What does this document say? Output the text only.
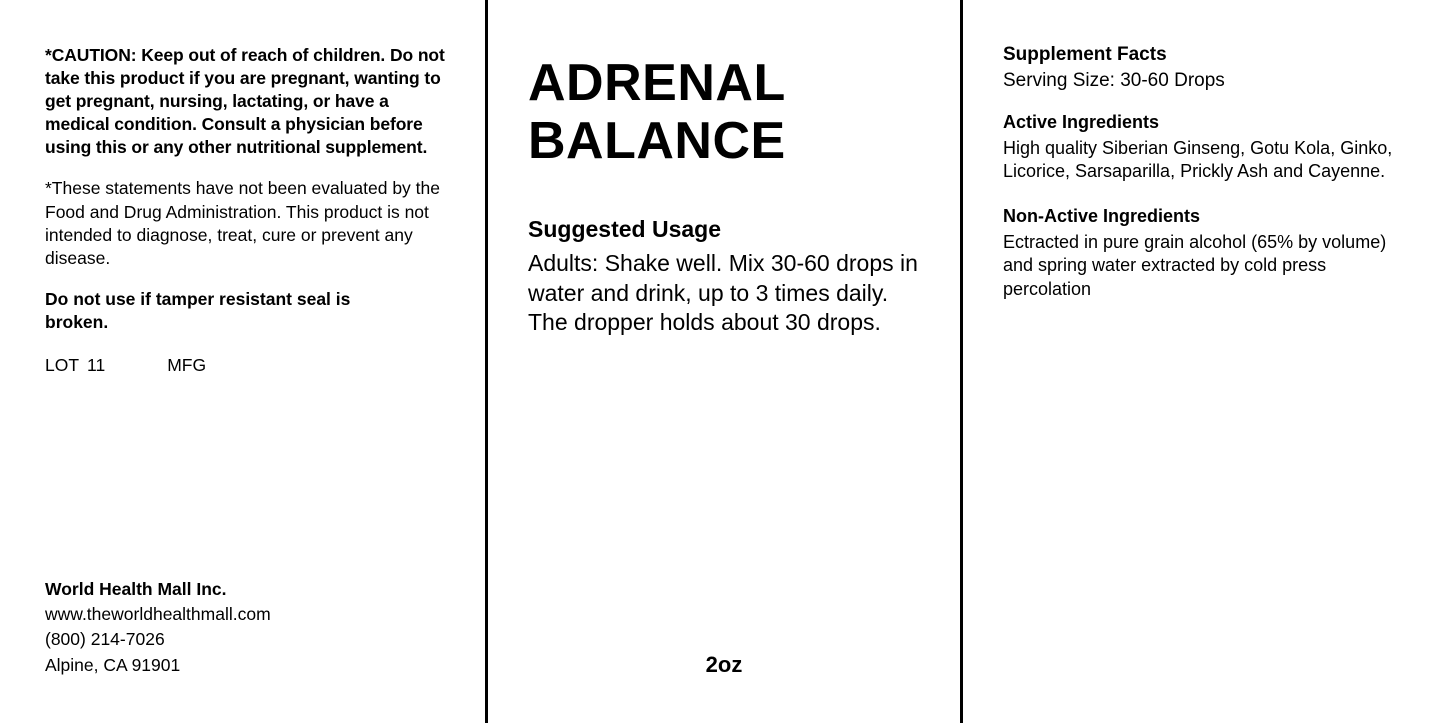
*CAUTION: Keep out of reach of children. Do not take this product if you are pregnant, wanting to get pregnant, nursing, lactating, or have a medical condition. Consult a physician before using this or any other nutritional supplement.

*These statements have not been evaluated by the Food and Drug Administration. This product is not intended to diagnose, treat, cure or prevent any disease.

Do not use if tamper resistant seal is broken.

LOT 11	MFG

World Health Mall Inc.
www.theworldhealthmall.com
(800) 214-7026
Alpine, CA 91901
ADRENAL BALANCE
Suggested Usage

Adults: Shake well. Mix 30-60 drops in water and drink, up to 3 times daily. The dropper holds about 30 drops.

2oz
Supplement Facts

Serving Size: 30-60 Drops

Active Ingredients

High quality Siberian Ginseng, Gotu Kola, Ginko, Licorice, Sarsaparilla, Prickly Ash and Cayenne.

Non-Active Ingredients

Ectracted in pure grain alcohol (65% by volume) and spring water extracted by cold press percolation
